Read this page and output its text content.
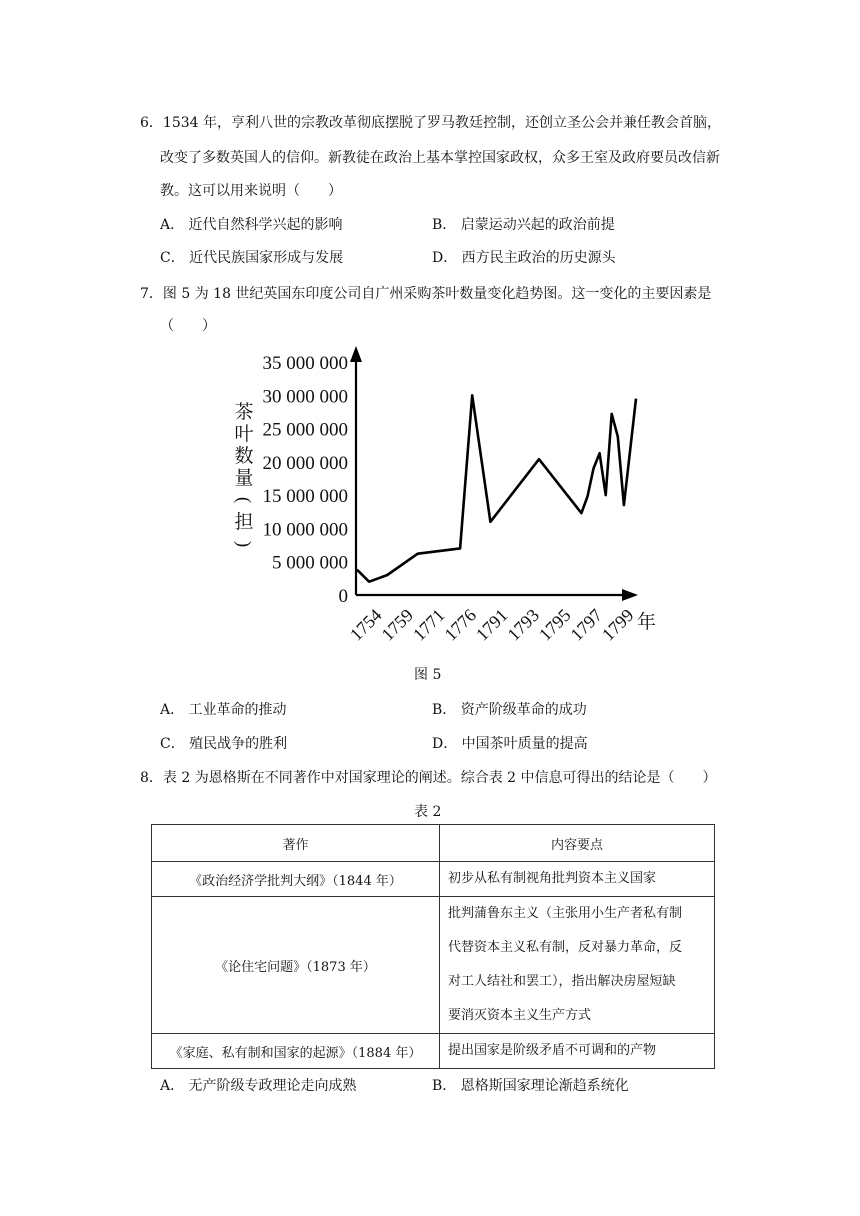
6．1534 年，亨利八世的宗教改革彻底摆脱了罗马教廷控制，还创立圣公会并兼任教会首脑，
改变了多数英国人的信仰。新教徒在政治上基本掌控国家政权，众多王室及政府要员改信新
教。这可以用来说明（　　）
A． 近代自然科学兴起的影响	B． 启蒙运动兴起的政治前提
C． 近代民族国家形成与发展	D． 西方民主政治的历史源头
7．图 5 为 18 世纪英国东印度公司自广州采购茶叶数量变化趋势图。这一变化的主要因素是
（　　）
0
5 000 000
10 000 000
15 000 000
20 000 000
25 000 000
30 000 000
35 000 000
1754
1759
1771
1776
1791
1793
1795
1797
1799 年
茶
叶
数
量
(
担
)
图 5
A． 工业革命的推动	B． 资产阶级革命的成功
C． 殖民战争的胜利	D． 中国茶叶质量的提高
8．表 2 为恩格斯在不同著作中对国家理论的阐述。综合表 2 中信息可得出的结论是（　　）
表 2
著作	内容要点
《政治经济学批判大纲》（1844 年）	初步从私有制视角批判资本主义国家

《论住宅问题》（1873 年）	批判蒲鲁东主义（主张用小生产者私有制
代替资本主义私有制，反对暴力革命，反
对工人结社和罢工），指出解决房屋短缺
要消灭资本主义生产方式

《家庭、私有制和国家的起源》（1884 年）	提出国家是阶级矛盾不可调和的产物
A． 无产阶级专政理论走向成熟	B． 恩格斯国家理论渐趋系统化
